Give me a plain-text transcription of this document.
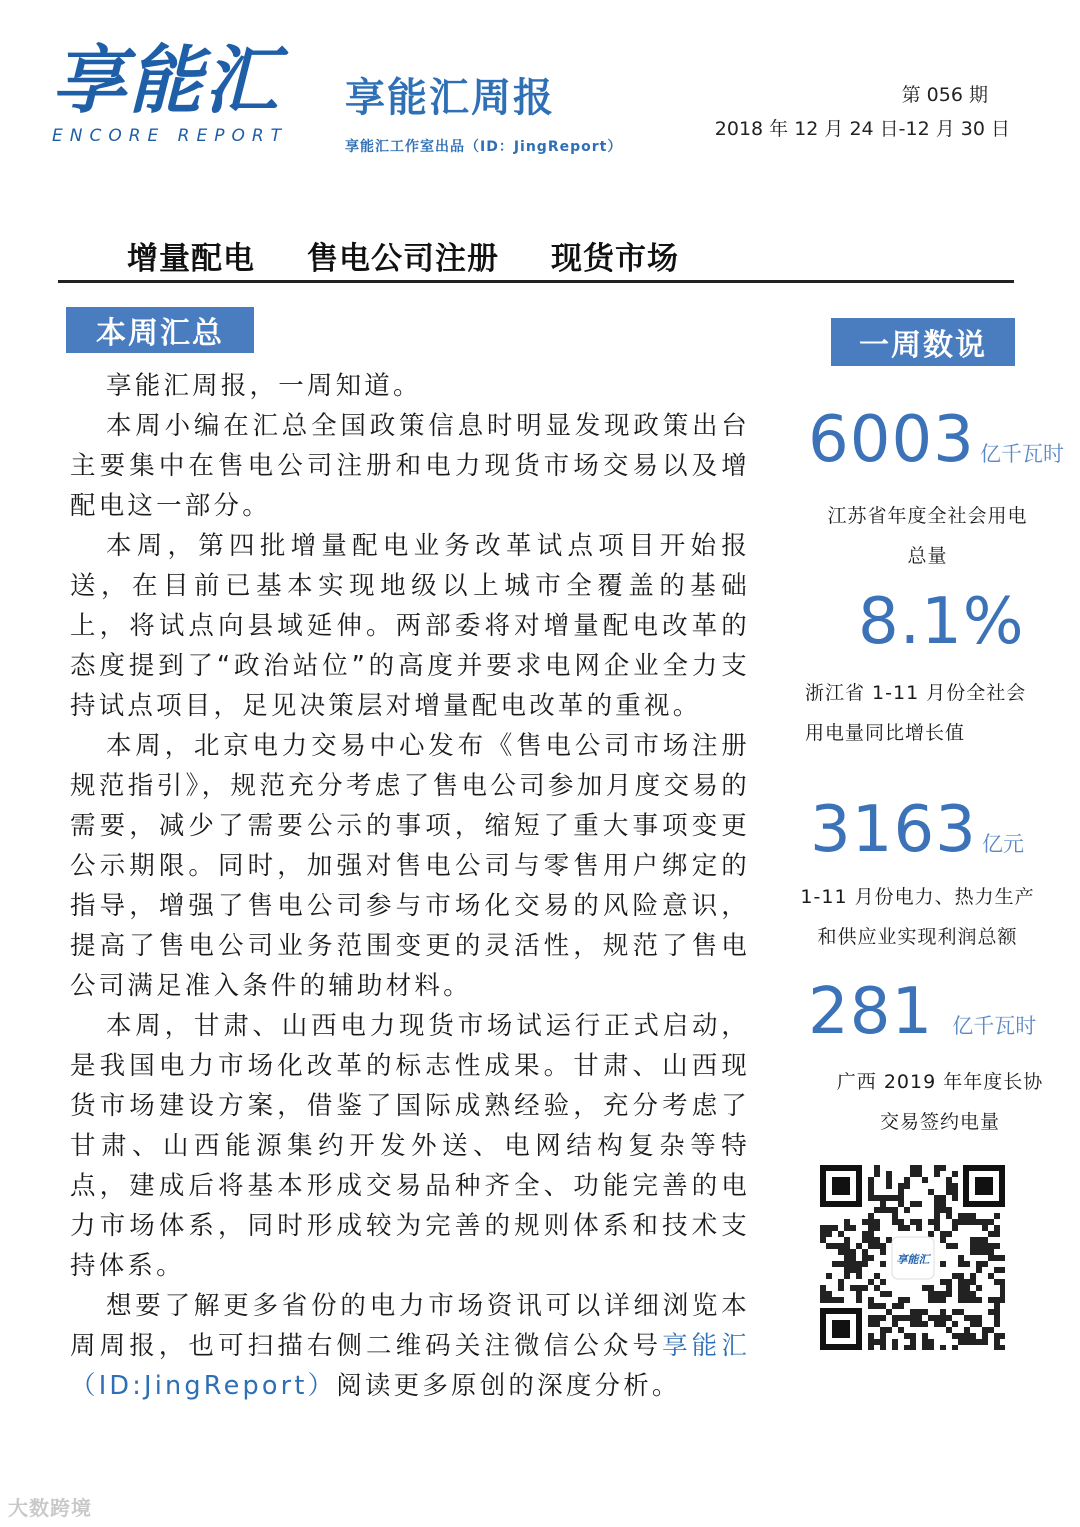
享能汇
ENCORE REPORT
享能汇周报
享能汇工作室出品（ID：JingReport）
第 056 期
2018 年 12 月 24 日-12 月 30 日
增量配电 售电公司注册 现货市场
本周汇总	一周数说

享能汇周报，一周知道。

本周小编在汇总全国政策信息时明显发现政策出台主要集中在售电公司注册和电力现货市场交易以及增配电这一部分。

本周，第四批增量配电业务改革试点项目开始报送，在目前已基本实现地级以上城市全覆盖的基础上，将试点向县域延伸。两部委将对增量配电改革的态度提到了“政治站位”的高度并要求电网企业全力支持试点项目，足见决策层对增量配电改革的重视。

本周，北京电力交易中心发布《售电公司市场注册规范指引》，规范充分考虑了售电公司参加月度交易的需要，减少了需要公示的事项，缩短了重大事项变更公示期限。同时，加强对售电公司与零售用户绑定的指导，增强了售电公司参与市场化交易的风险意识，提高了售电公司业务范围变更的灵活性，规范了售电公司满足准入条件的辅助材料。

本周，甘肃、山西电力现货市场试运行正式启动，是我国电力市场化改革的标志性成果。甘肃、山西现货市场建设方案，借鉴了国际成熟经验，充分考虑了甘肃、山西能源集约开发外送、电网结构复杂等特点，建成后将基本形成交易品种齐全、功能完善的电力市场体系，同时形成较为完善的规则体系和技术支持体系。

想要了解更多省份的电力市场资讯可以详细浏览本周周报，也可扫描右侧二维码关注微信公众号享能汇（ID:JingReport）阅读更多原创的深度分析。

6003 亿千瓦时
江苏省年度全社会用电
总量
8.1%
浙江省 1-11 月份全社会
用电量同比增长值
3163 亿元
1-11 月份电力、热力生产
和供应业实现利润总额
281 亿千瓦时
广西 2019 年年度长协
交易签约电量
享能汇
大数跨境
